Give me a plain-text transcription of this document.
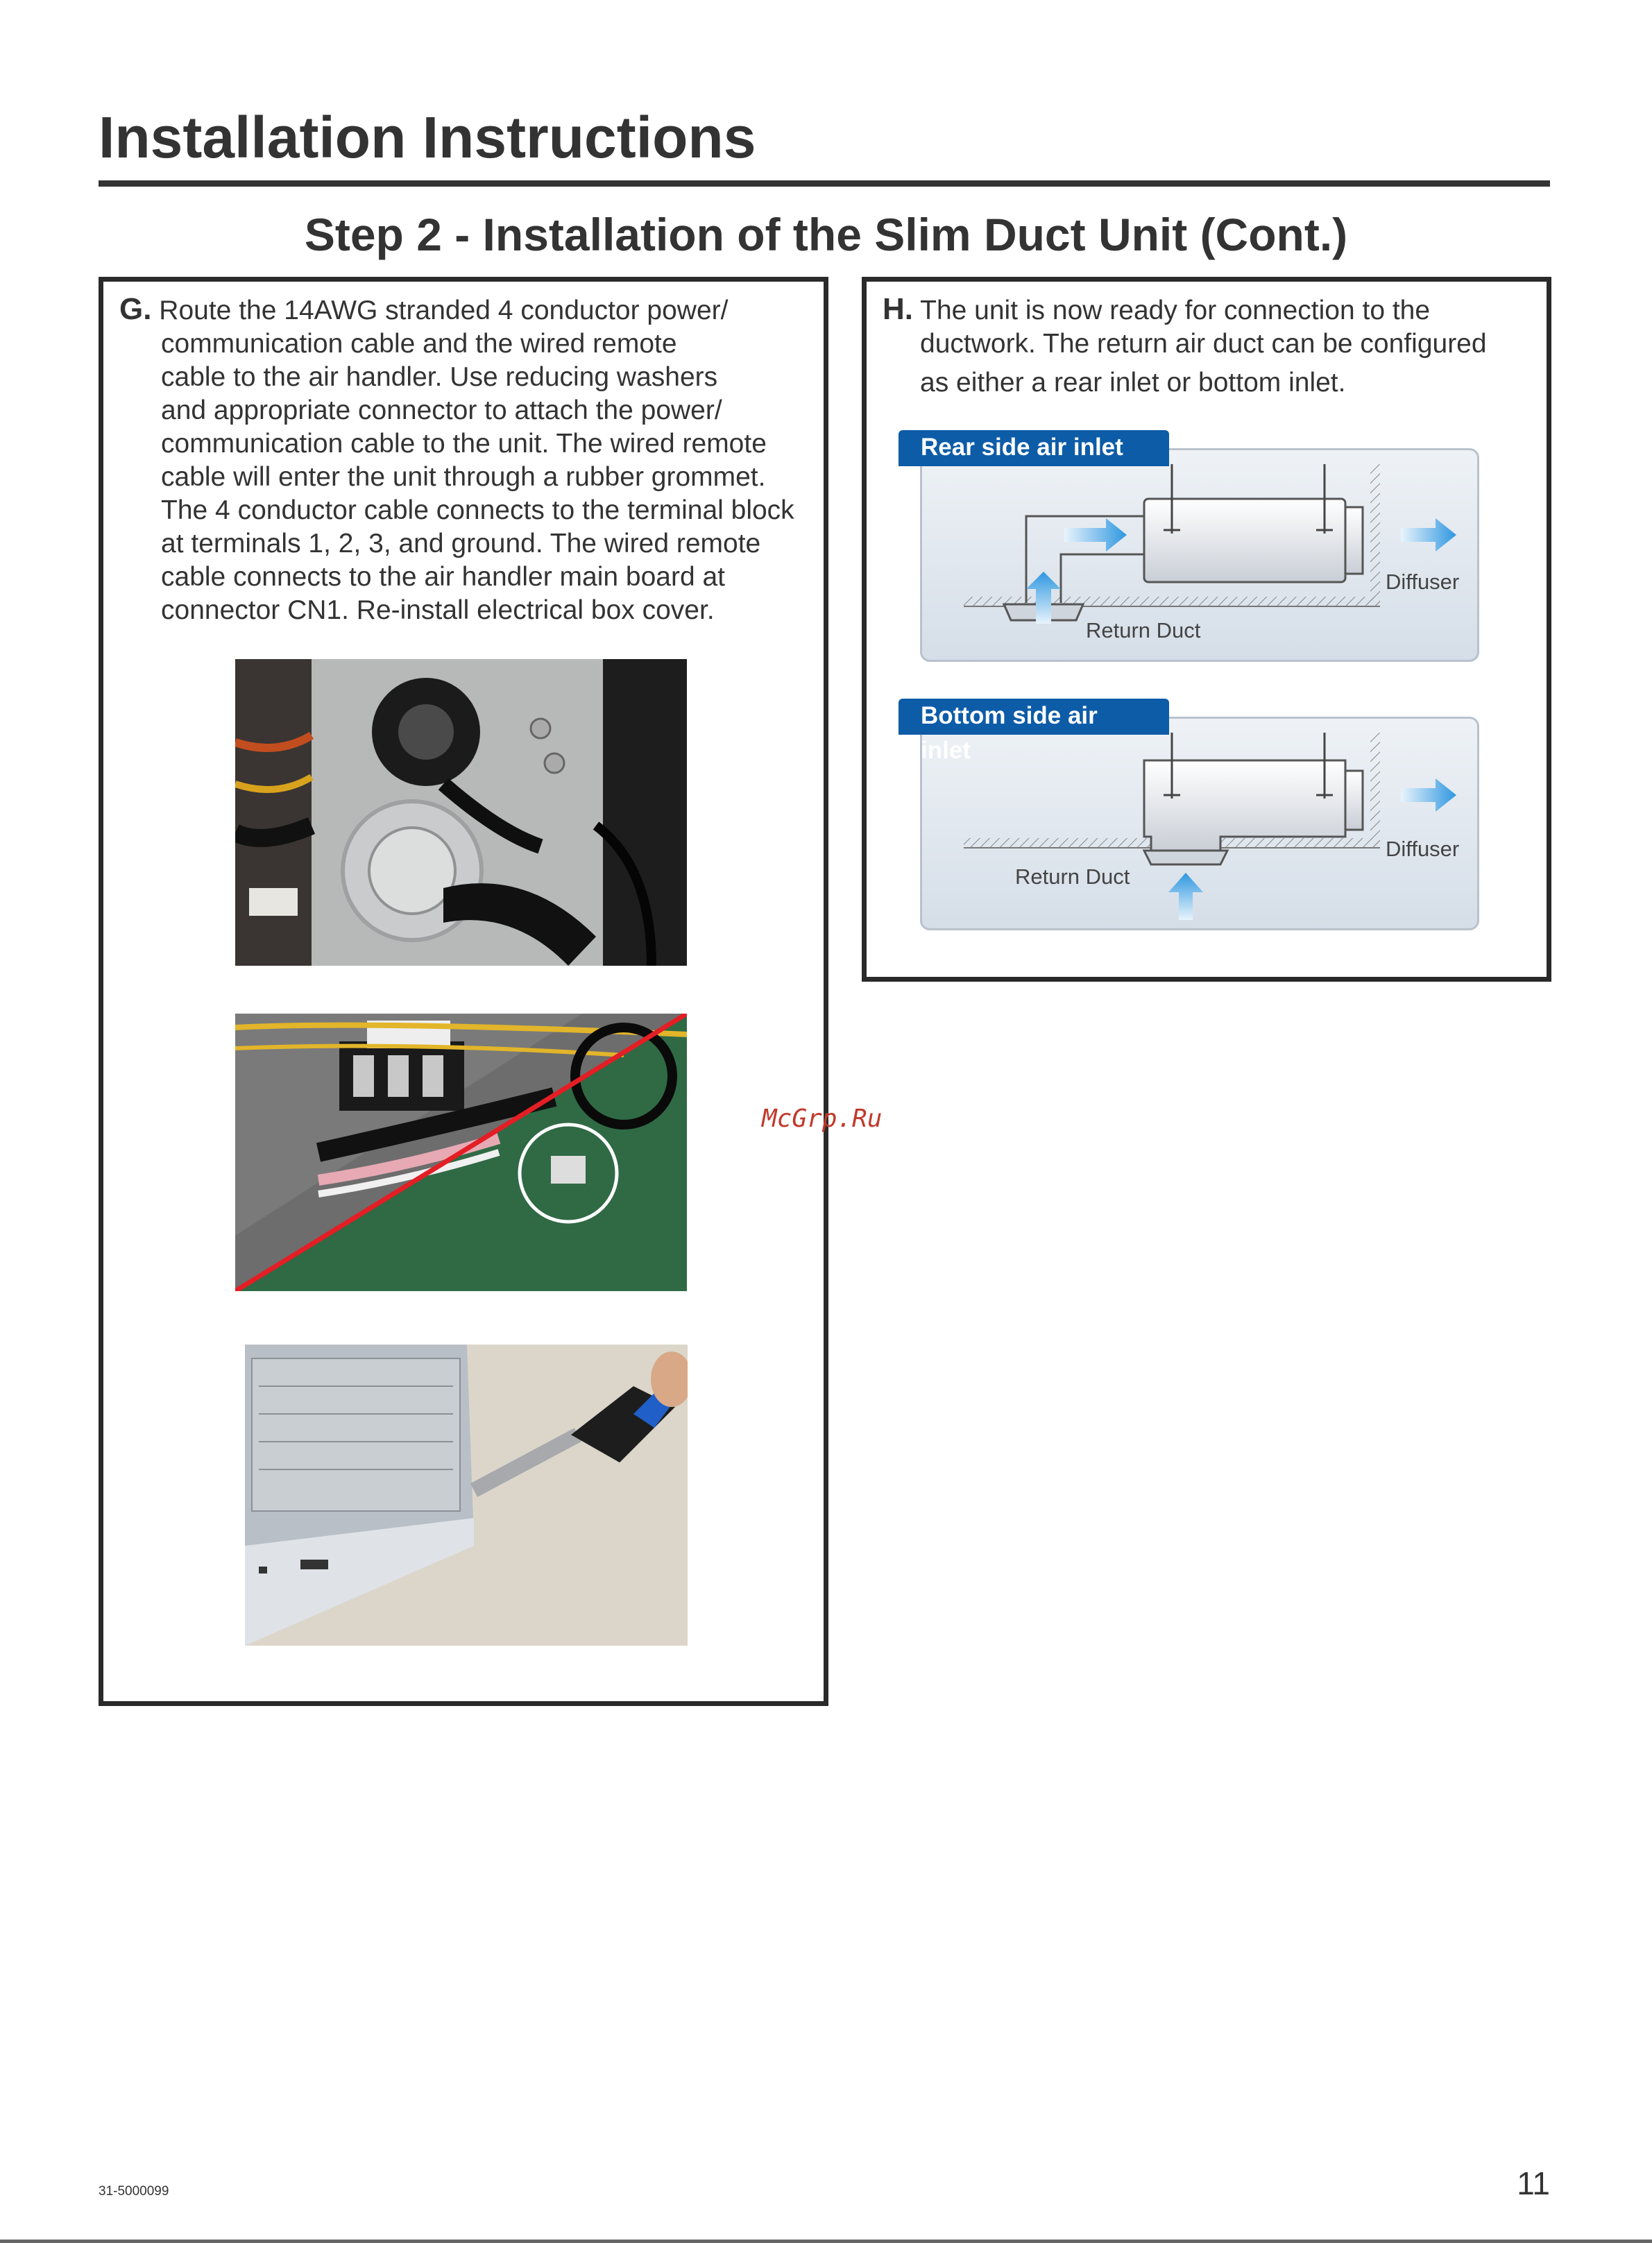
Installation Instructions
Step 2 - Installation of the Slim Duct Unit (Cont.)
G. Route the 14AWG stranded 4 conductor power/
communication cable and the wired remote
cable to the air handler. Use reducing washers
and appropriate connector to attach the power/
communication cable to the unit. The wired remote
cable will enter the unit through a rubber grommet.
The 4 conductor cable connects to the terminal block
at terminals 1, 2, 3, and ground. The wired remote
cable connects to the air handler main board at
connector CN1. Re-install electrical box cover.
H. The unit is now ready for connection to the
ductwork. The return air duct can be configured
as either a rear inlet or bottom inlet.
Diffuser
Return Duct
Rear side air inlet
Diffuser
Return Duct
Bottom side air inlet
McGrp.Ru
31-5000099	11
